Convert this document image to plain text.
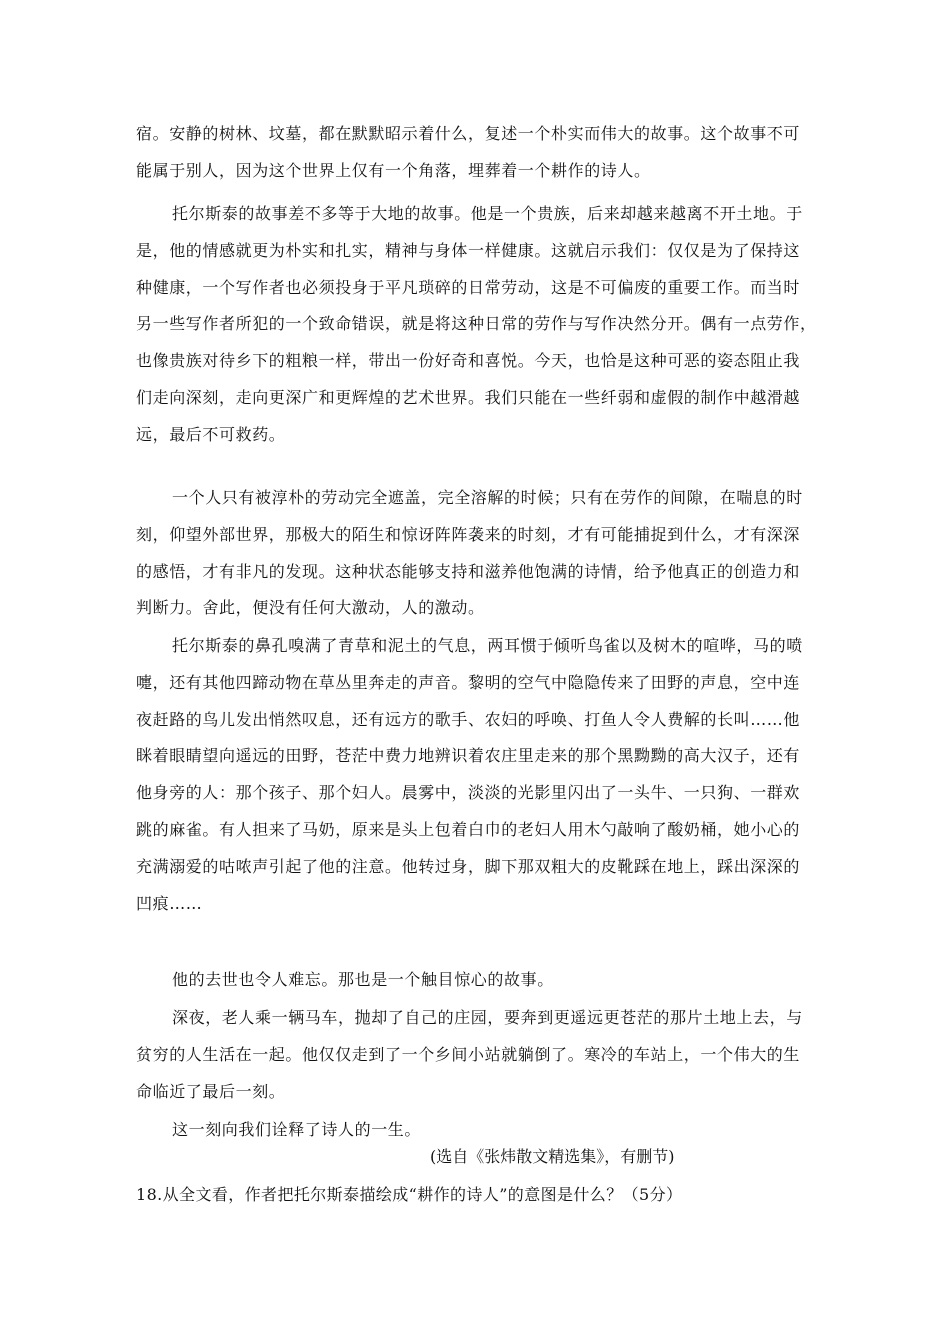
宿。安静的树林、坟墓，都在默默昭示着什么，复述一个朴实而伟大的故事。这个故事不可
能属于别人，因为这个世界上仅有一个角落，埋葬着一个耕作的诗人。
托尔斯泰的故事差不多等于大地的故事。他是一个贵族，后来却越来越离不开土地。于
是，他的情感就更为朴实和扎实，精神与身体一样健康。这就启示我们：仅仅是为了保持这
种健康，一个写作者也必须投身于平凡琐碎的日常劳动，这是不可偏废的重要工作。而当时
另一些写作者所犯的一个致命错误，就是将这种日常的劳作与写作决然分开。偶有一点劳作，
也像贵族对待乡下的粗粮一样，带出一份好奇和喜悦。今天，也恰是这种可恶的姿态阻止我
们走向深刻，走向更深广和更辉煌的艺术世界。我们只能在一些纤弱和虚假的制作中越滑越
远，最后不可救药。
一个人只有被淳朴的劳动完全遮盖，完全溶解的时候；只有在劳作的间隙，在喘息的时
刻，仰望外部世界，那极大的陌生和惊讶阵阵袭来的时刻，才有可能捕捉到什么，才有深深
的感悟，才有非凡的发现。这种状态能够支持和滋养他饱满的诗情，给予他真正的创造力和
判断力。舍此，便没有任何大激动，人的激动。
托尔斯泰的鼻孔嗅满了青草和泥土的气息，两耳惯于倾听鸟雀以及树木的喧哗，马的喷
嚏，还有其他四蹄动物在草丛里奔走的声音。黎明的空气中隐隐传来了田野的声息，空中连
夜赶路的鸟儿发出悄然叹息，还有远方的歌手、农妇的呼唤、打鱼人令人费解的长叫……他
眯着眼睛望向遥远的田野，苍茫中费力地辨识着农庄里走来的那个黑黝黝的高大汉子，还有
他身旁的人：那个孩子、那个妇人。晨雾中，淡淡的光影里闪出了一头牛、一只狗、一群欢
跳的麻雀。有人担来了马奶，原来是头上包着白巾的老妇人用木勺敲响了酸奶桶，她小心的
充满溺爱的咕哝声引起了他的注意。他转过身，脚下那双粗大的皮靴踩在地上，踩出深深的
凹痕……
他的去世也令人难忘。那也是一个触目惊心的故事。
深夜，老人乘一辆马车，抛却了自己的庄园，要奔到更遥远更苍茫的那片土地上去，与
贫穷的人生活在一起。他仅仅走到了一个乡间小站就躺倒了。寒冷的车站上，一个伟大的生
命临近了最后一刻。
这一刻向我们诠释了诗人的一生。
(选自《张炜散文精选集》，有删节)
18.从全文看，作者把托尔斯泰描绘成“耕作的诗人”的意图是什么？（5分）
